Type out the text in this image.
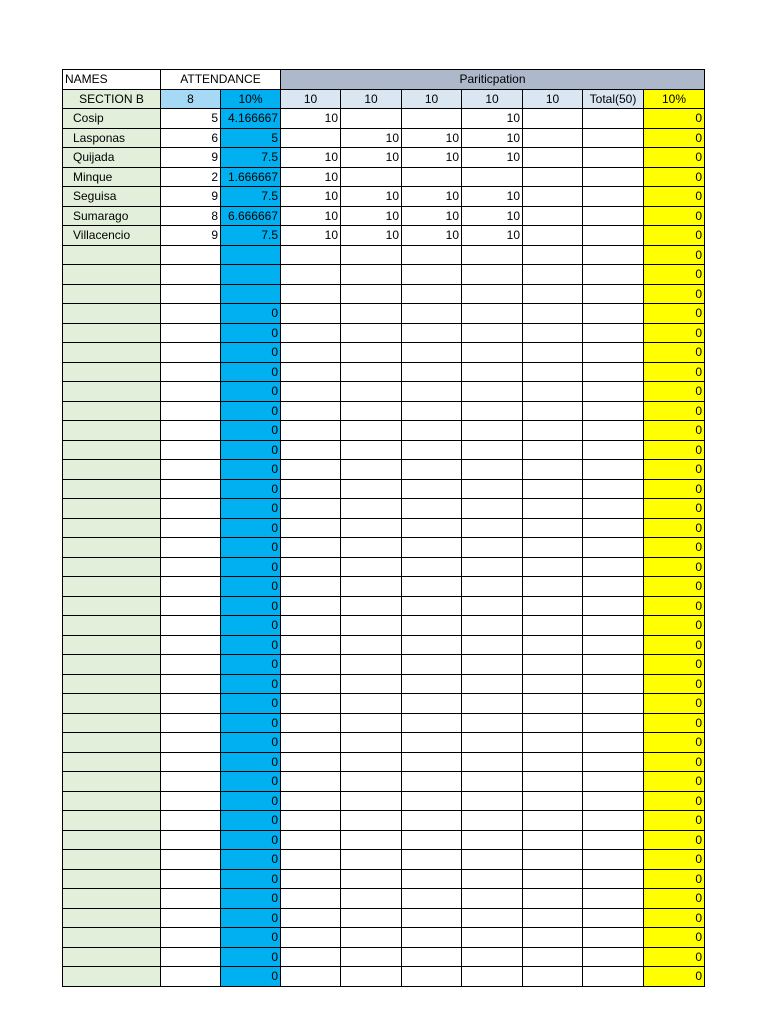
NAMES	ATTENDANCE		Pariticpation						
SECTION B	8	10%	10	10	10	10	10	Total(50)	10%
Cosip	5	4.166667	10			10			0
Lasponas	6	5		10	10	10			0
Quijada	9	7.5	10	10	10	10			0
Minque	2	1.666667	10						0
Seguisa	9	7.5	10	10	10	10			0
Sumarago	8	6.666667	10	10	10	10			0
Villacencio	9	7.5	10	10	10	10			0
									0
									0
									0
		0							0
		0							0
		0							0
		0							0
		0							0
		0							0
		0							0
		0							0
		0							0
		0							0
		0							0
		0							0
		0							0
		0							0
		0							0
		0							0
		0							0
		0							0
		0							0
		0							0
		0							0
		0							0
		0							0
		0							0
		0							0
		0							0
		0							0
		0							0
		0							0
		0							0
		0							0
		0							0
		0							0
		0							0
		0							0
